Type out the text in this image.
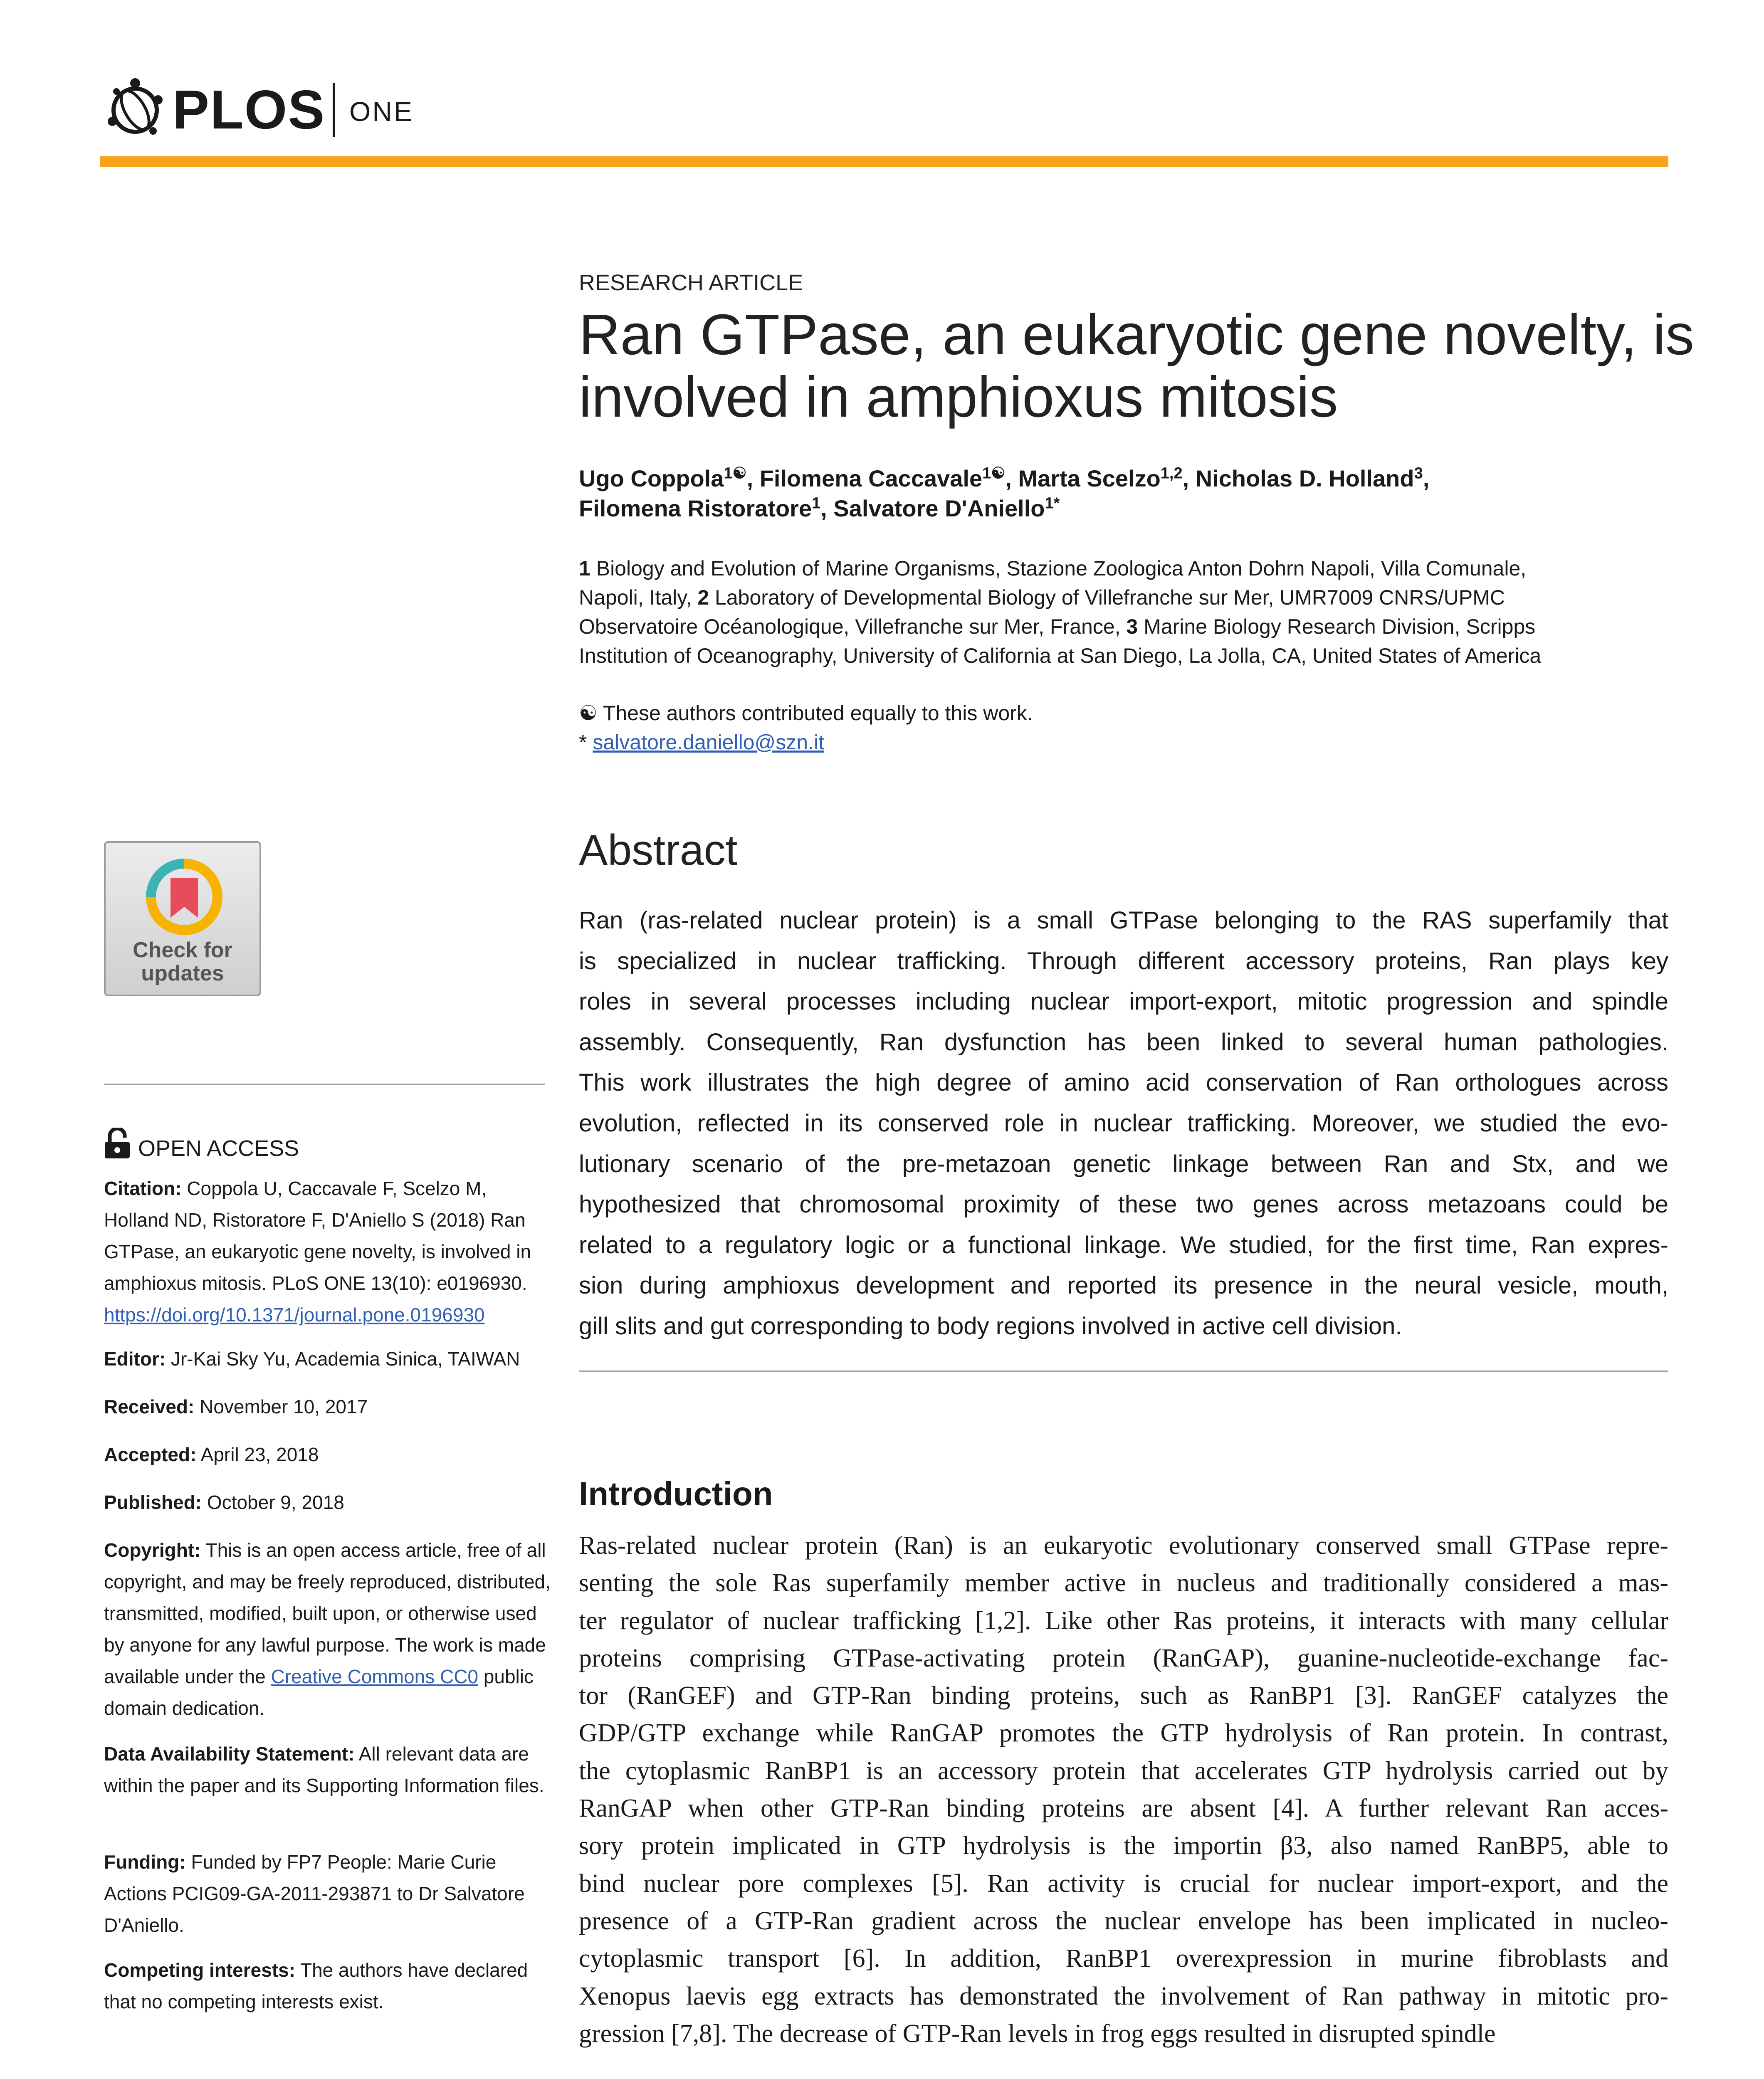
PLOS ONE
Check for
updates
OPEN ACCESS
Citation: Coppola U, Caccavale F, Scelzo M, Holland ND, Ristoratore F, D'Aniello S (2018) Ran GTPase, an eukaryotic gene novelty, is involved in amphioxus mitosis. PLoS ONE 13(10): e0196930. https://doi.org/10.1371/journal.pone.0196930
Editor: Jr-Kai Sky Yu, Academia Sinica, TAIWAN
Received: November 10, 2017
Accepted: April 23, 2018
Published: October 9, 2018
Copyright: This is an open access article, free of all copyright, and may be freely reproduced, distributed, transmitted, modified, built upon, or otherwise used by anyone for any lawful purpose. The work is made available under the Creative Commons CC0 public domain dedication.
Data Availability Statement: All relevant data are within the paper and its Supporting Information files.
Funding: Funded by FP7 People: Marie Curie Actions PCIG09-GA-2011-293871 to Dr Salvatore D'Aniello.
Competing interests: The authors have declared that no competing interests exist.
RESEARCH ARTICLE
Ran GTPase, an eukaryotic gene novelty, is
involved in amphioxus mitosis
Ugo Coppola$^{1☯}$, Filomena Caccavale$^{1☯}$, Marta Scelzo$^{1,2}$, Nicholas D. Holland$^3$,
Filomena Ristoratore$^1$, Salvatore D'Aniello$^{1*}$
1 Biology and Evolution of Marine Organisms, Stazione Zoologica Anton Dohrn Napoli, Villa Comunale, Napoli, Italy, 2 Laboratory of Developmental Biology of Villefranche sur Mer, UMR7009 CNRS/UPMC Observatoire Océanologique, Villefranche sur Mer, France, 3 Marine Biology Research Division, Scripps Institution of Oceanography, University of California at San Diego, La Jolla, CA, United States of America
☯ These authors contributed equally to this work.
* salvatore.daniello@szn.it
Abstract
Ran (ras-related nuclear protein) is a small GTPase belonging to the RAS superfamily that
is specialized in nuclear trafficking. Through different accessory proteins, Ran plays key
roles in several processes including nuclear import-export, mitotic progression and spindle
assembly. Consequently, Ran dysfunction has been linked to several human pathologies.
This work illustrates the high degree of amino acid conservation of Ran orthologues across
evolution, reflected in its conserved role in nuclear trafficking. Moreover, we studied the evo-
lutionary scenario of the pre-metazoan genetic linkage between Ran and Stx, and we
hypothesized that chromosomal proximity of these two genes across metazoans could be
related to a regulatory logic or a functional linkage. We studied, for the first time, Ran expres-
sion during amphioxus development and reported its presence in the neural vesicle, mouth,
gill slits and gut corresponding to body regions involved in active cell division.
Introduction
Ras-related nuclear protein (Ran) is an eukaryotic evolutionary conserved small GTPase repre-
senting the sole Ras superfamily member active in nucleus and traditionally considered a mas-
ter regulator of nuclear trafficking [1,2]. Like other Ras proteins, it interacts with many cellular
proteins comprising GTPase-activating protein (RanGAP), guanine-nucleotide-exchange fac-
tor (RanGEF) and GTP-Ran binding proteins, such as RanBP1 [3]. RanGEF catalyzes the
GDP/GTP exchange while RanGAP promotes the GTP hydrolysis of Ran protein. In contrast,
the cytoplasmic RanBP1 is an accessory protein that accelerates GTP hydrolysis carried out by
RanGAP when other GTP-Ran binding proteins are absent [4]. A further relevant Ran acces-
sory protein implicated in GTP hydrolysis is the importin β3, also named RanBP5, able to
bind nuclear pore complexes [5]. Ran activity is crucial for nuclear import-export, and the
presence of a GTP-Ran gradient across the nuclear envelope has been implicated in nucleo-
cytoplasmic transport [6]. In addition, RanBP1 overexpression in murine fibroblasts and
Xenopus laevis egg extracts has demonstrated the involvement of Ran pathway in mitotic pro-
gression [7,8]. The decrease of GTP-Ran levels in frog eggs resulted in disrupted spindle
